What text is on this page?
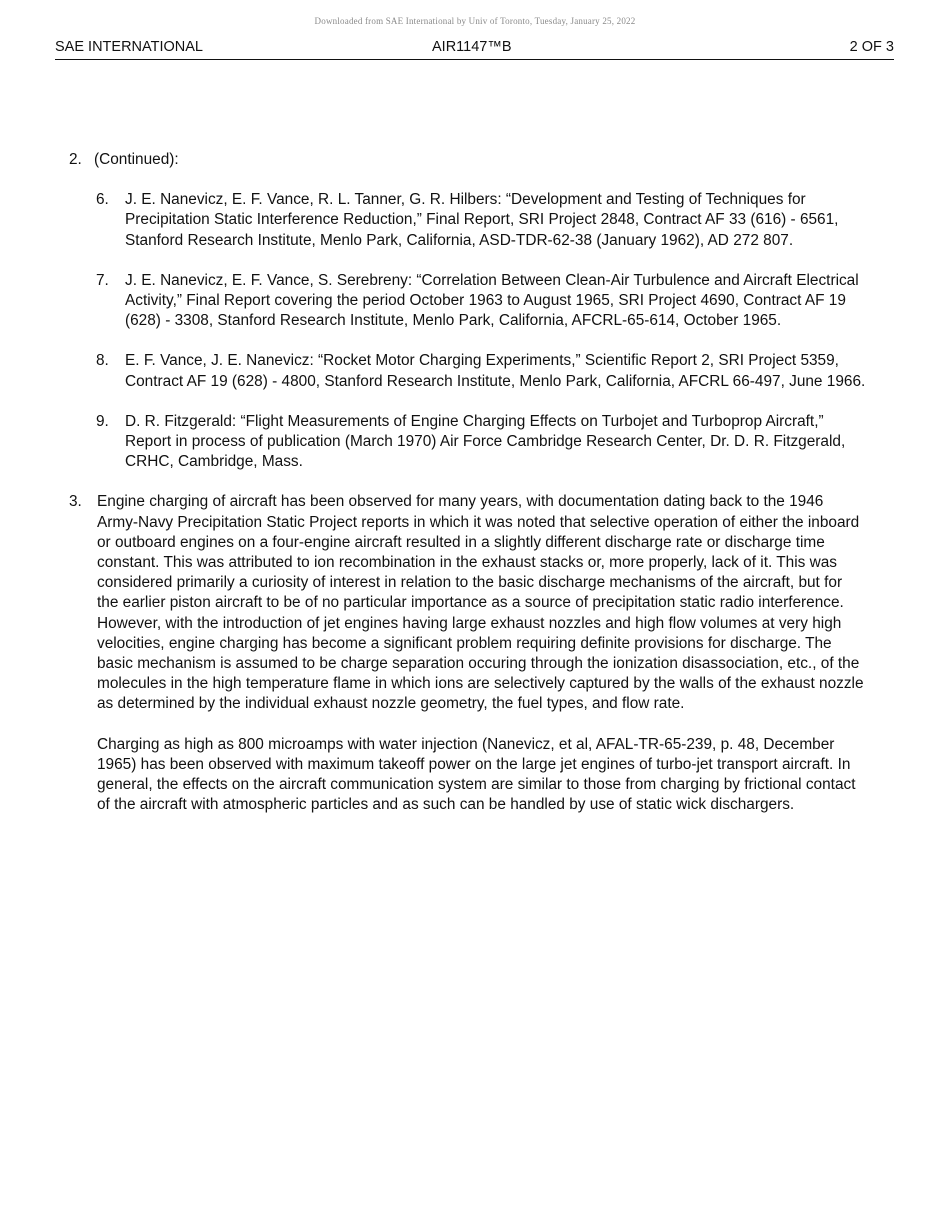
Downloaded from SAE International by Univ of Toronto, Tuesday, January 25, 2022
SAE INTERNATIONAL	AIR1147™B	2 OF 3
2. (Continued):
6. J. E. Nanevicz, E. F. Vance, R. L. Tanner, G. R. Hilbers: “Development and Testing of Techniques for Precipitation Static Interference Reduction,” Final Report, SRI Project 2848, Contract AF 33 (616) - 6561, Stanford Research Institute, Menlo Park, California, ASD-TDR-62-38 (January 1962), AD 272 807.
7. J. E. Nanevicz, E. F. Vance, S. Serebreny: “Correlation Between Clean-Air Turbulence and Aircraft Electrical Activity,” Final Report covering the period October 1963 to August 1965, SRI Project 4690, Contract AF 19 (628) - 3308, Stanford Research Institute, Menlo Park, California, AFCRL-65-614, October 1965.
8. E. F. Vance, J. E. Nanevicz: “Rocket Motor Charging Experiments,” Scientific Report 2, SRI Project 5359, Contract AF 19 (628) - 4800, Stanford Research Institute, Menlo Park, California, AFCRL 66-497, June 1966.
9. D. R. Fitzgerald: “Flight Measurements of Engine Charging Effects on Turbojet and Turboprop Aircraft,” Report in process of publication (March 1970) Air Force Cambridge Research Center, Dr. D. R. Fitzgerald, CRHC, Cambridge, Mass.
3. Engine charging of aircraft has been observed for many years, with documentation dating back to the 1946 Army-Navy Precipitation Static Project reports in which it was noted that selective operation of either the inboard or outboard engines on a four-engine aircraft resulted in a slightly different discharge rate or discharge time constant. This was attributed to ion recombination in the exhaust stacks or, more properly, lack of it. This was considered primarily a curiosity of interest in relation to the basic discharge mechanisms of the aircraft, but for the earlier piston aircraft to be of no particular importance as a source of precipitation static radio interference. However, with the introduction of jet engines having large exhaust nozzles and high flow volumes at very high velocities, engine charging has become a significant problem requiring definite provisions for discharge. The basic mechanism is assumed to be charge separation occuring through the ionization disassociation, etc., of the molecules in the high temperature flame in which ions are selectively captured by the walls of the exhaust nozzle as determined by the individual exhaust nozzle geometry, the fuel types, and flow rate.
Charging as high as 800 microamps with water injection (Nanevicz, et al, AFAL-TR-65-239, p. 48, December 1965) has been observed with maximum takeoff power on the large jet engines of turbo-jet transport aircraft. In general, the effects on the aircraft communication system are similar to those from charging by frictional contact of the aircraft with atmospheric particles and as such can be handled by use of static wick dischargers.
